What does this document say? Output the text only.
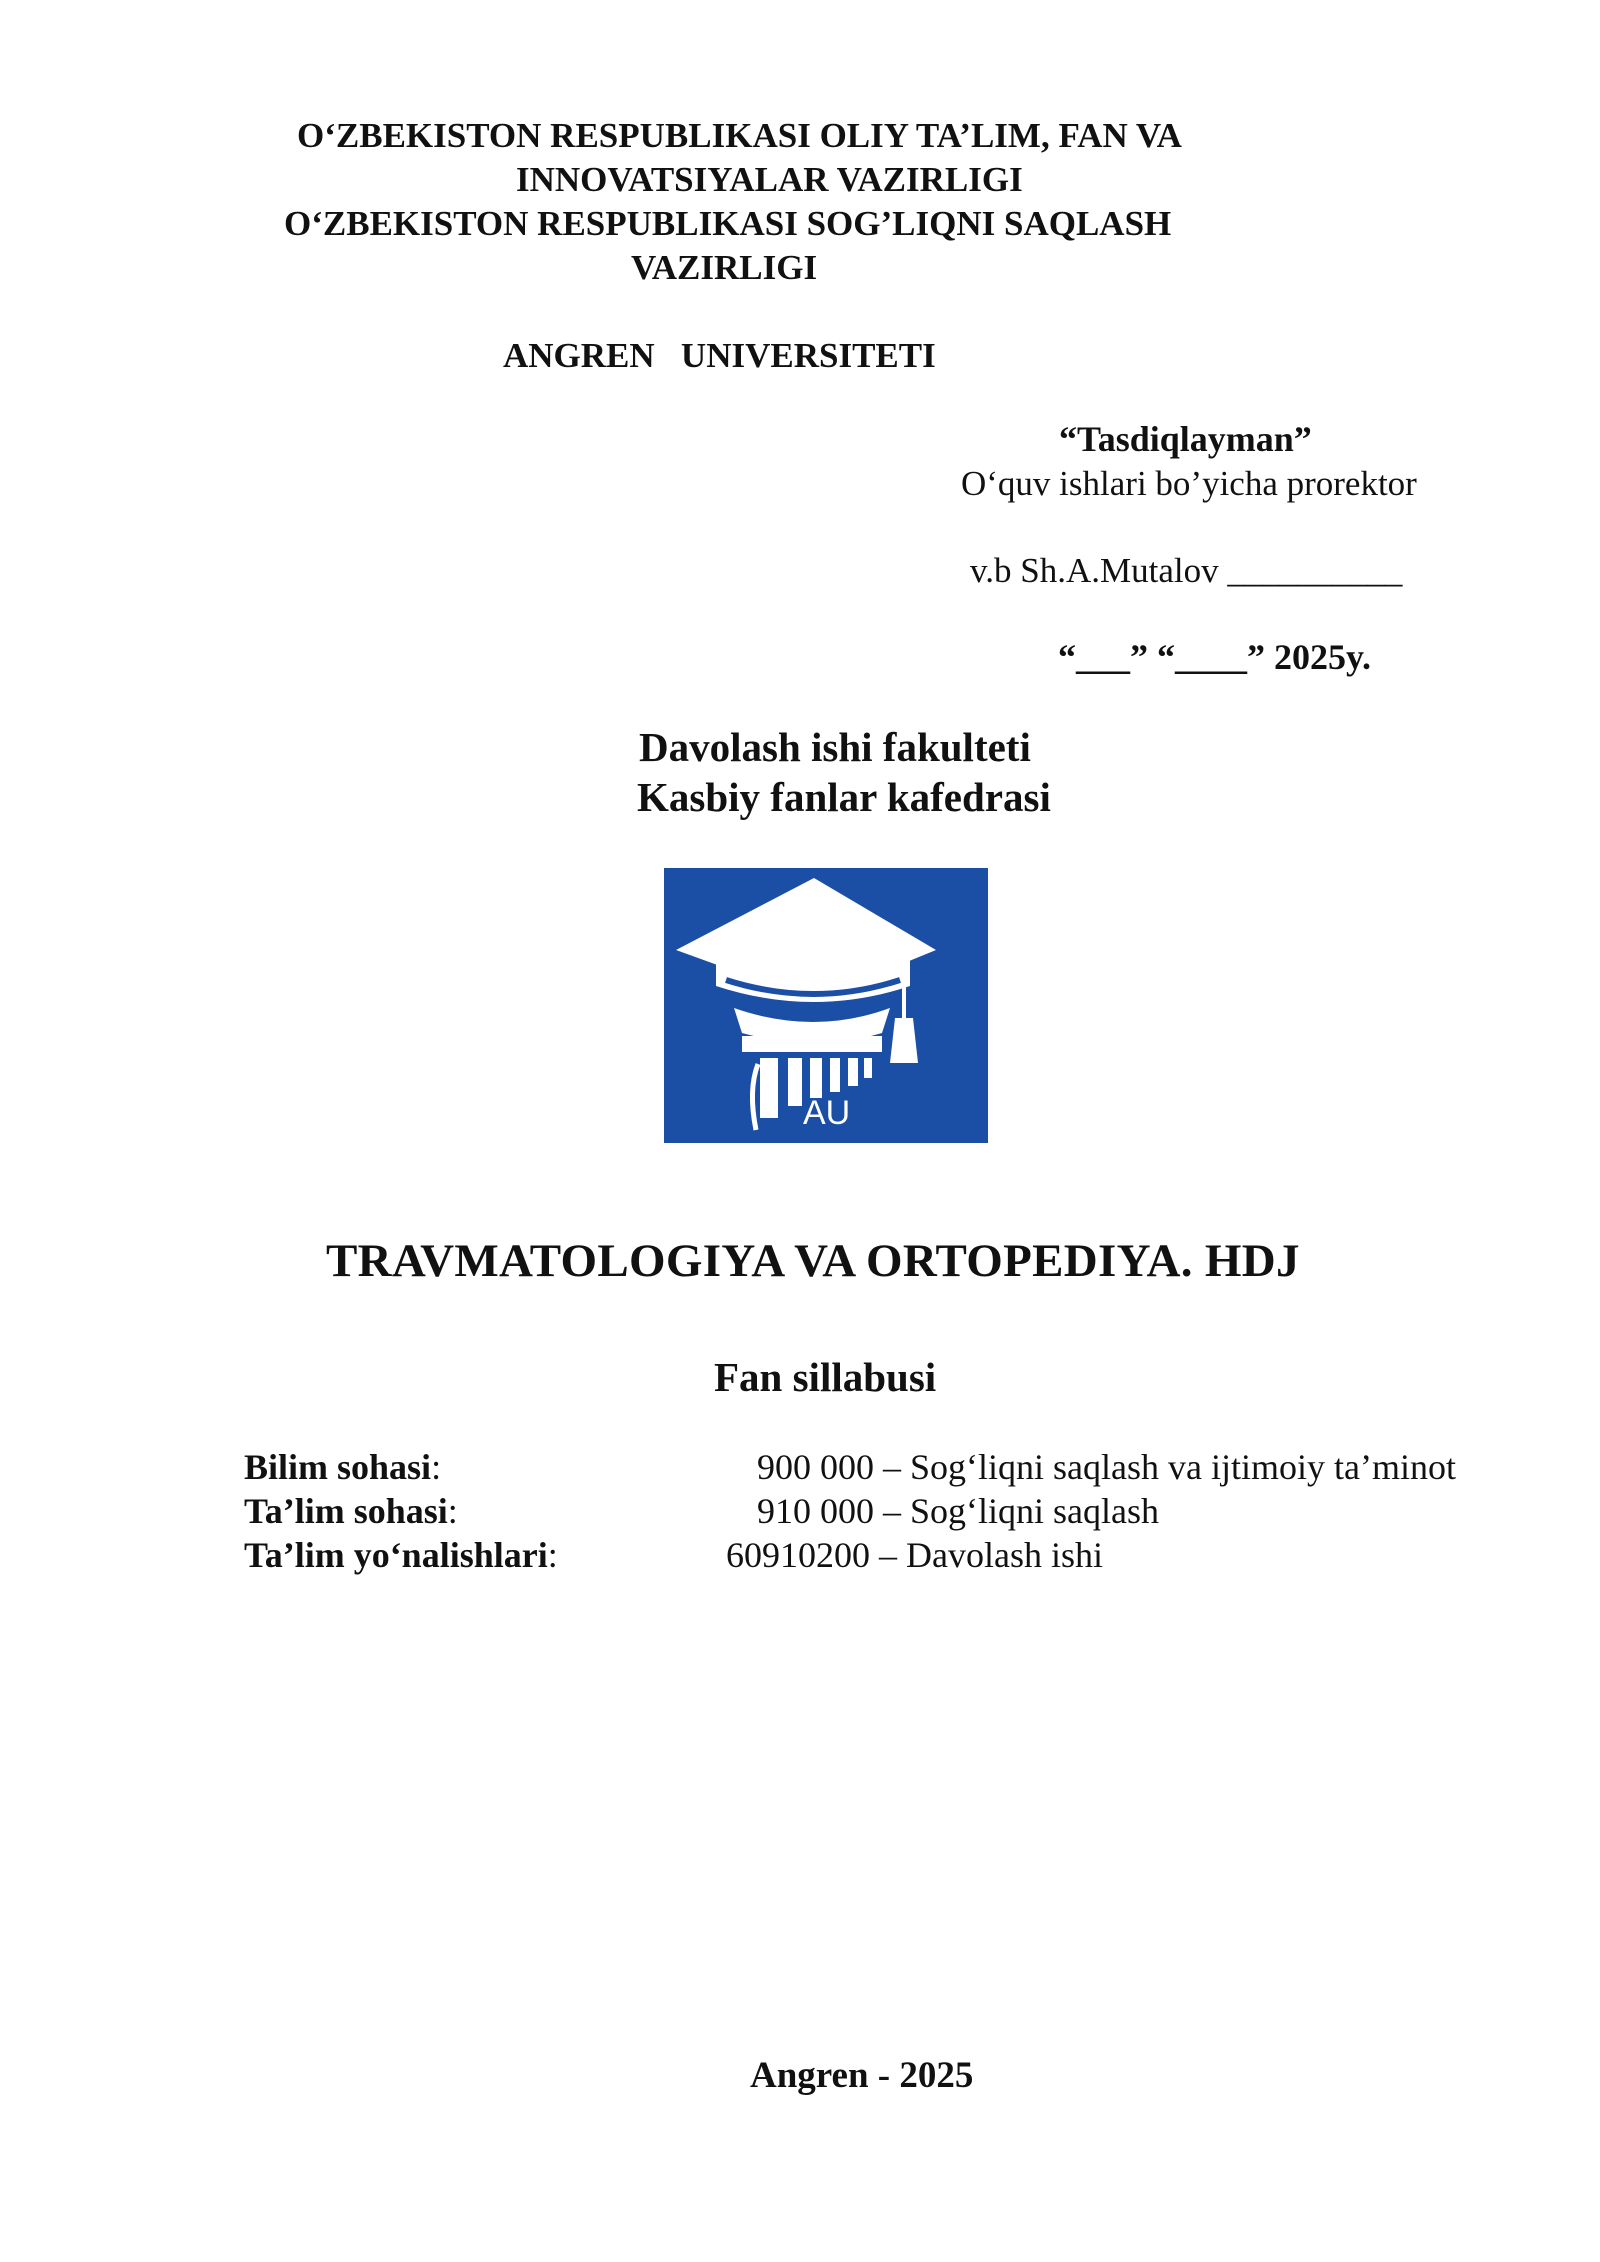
O‘ZBEKISTON RESPUBLIKASI OLIY TA’LIM, FAN VA
INNOVATSIYALAR VAZIRLIGI
O‘ZBEKISTON RESPUBLIKASI SOG’LIQNI SAQLASH
VAZIRLIGI
ANGREN   UNIVERSITETI
“Tasdiqlayman”
O‘quv ishlari bo’yicha prorektor
v.b Sh.A.Mutalov __________
“___” “____” 2025y.
Davolash ishi fakulteti
Kasbiy fanlar kafedrasi
AU
TRAVMATOLOGIYA VA ORTOPEDIYA. HDJ
Fan sillabusi
Bilim sohasi:	900 000 – Sog‘liqni saqlash va ijtimoiy ta’minot
Ta’lim sohasi:	910 000 – Sog‘liqni saqlash
Ta’lim yo‘nalishlari:	60910200 – Davolash ishi
Angren - 2025
